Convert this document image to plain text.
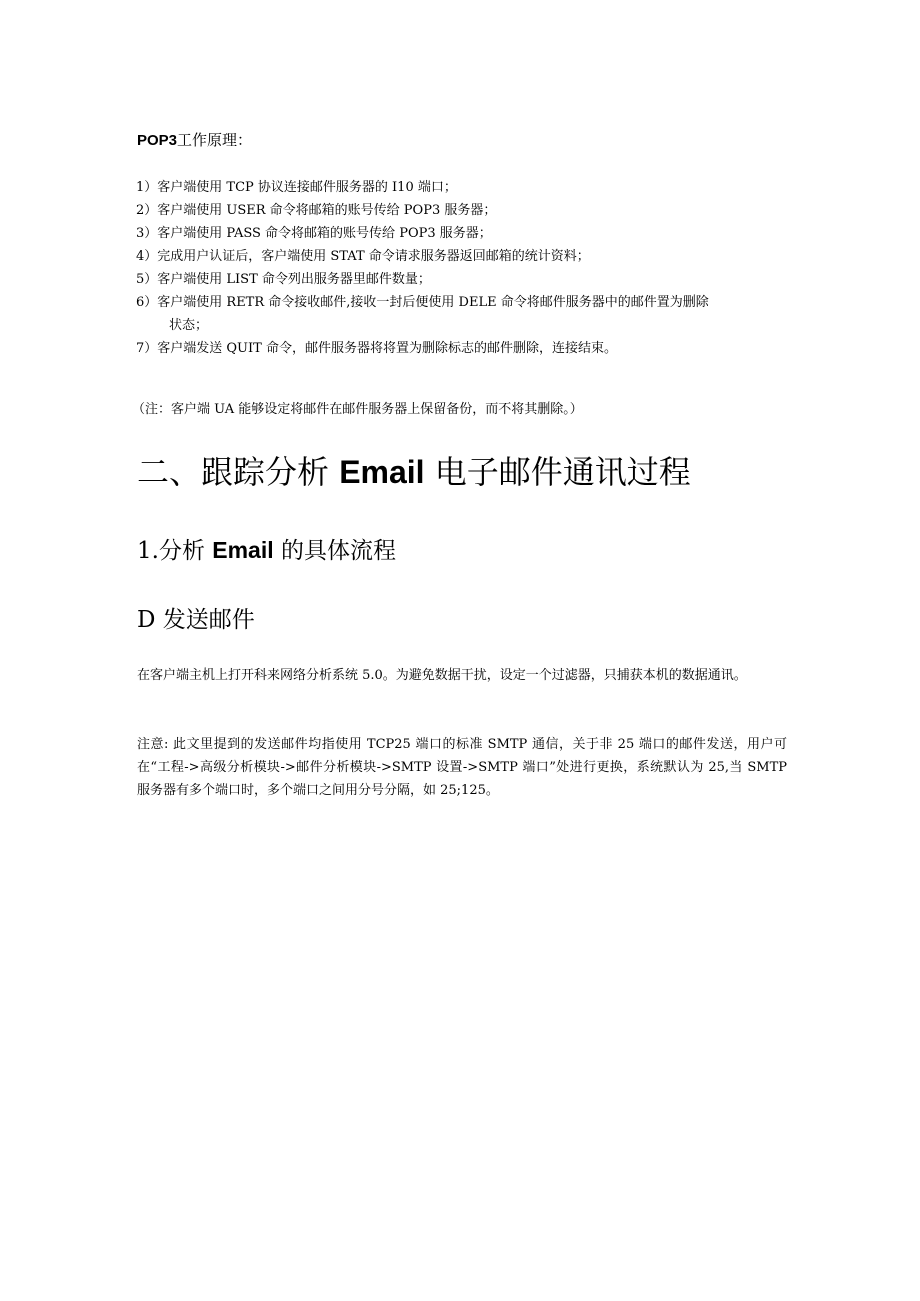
POP3工作原理：
1）客户端使用 TCP 协议连接邮件服务器的 I10 端口；
2）客户端使用 USER 命令将邮箱的账号传给 POP3 服务器；
3）客户端使用 PASS 命令将邮箱的账号传给 POP3 服务器；
4）完成用户认证后，客户端使用 STAT 命令请求服务器返回邮箱的统计资料；
5）客户端使用 LIST 命令列出服务器里邮件数量；
6）客户端使用 RETR 命令接收邮件,接收一封后便使用 DELE 命令将邮件服务器中的邮件置为删除
状态；
7）客户端发送 QUIT 命令，邮件服务器将将置为删除标志的邮件删除，连接结束。
（注：客户端 UA 能够设定将邮件在邮件服务器上保留备份，而不将其删除。）
二、跟踪分析 Email 电子邮件通讯过程
1.分析 Email 的具体流程
D 发送邮件
在客户端主机上打开科来网络分析系统 5.0。为避免数据干扰，设定一个过滤器，只捕获本机的数据通讯。
注意: 此文里提到的发送邮件均指使用 TCP25 端口的标准 SMTP 通信，关于非 25 端口的邮件发送，用户可在“工程->高级分析模块->邮件分析模块->SMTP 设置->SMTP 端口”处进行更换，系统默认为 25,当 SMTP 服务器有多个端口时，多个端口之间用分号分隔，如 25;125。
